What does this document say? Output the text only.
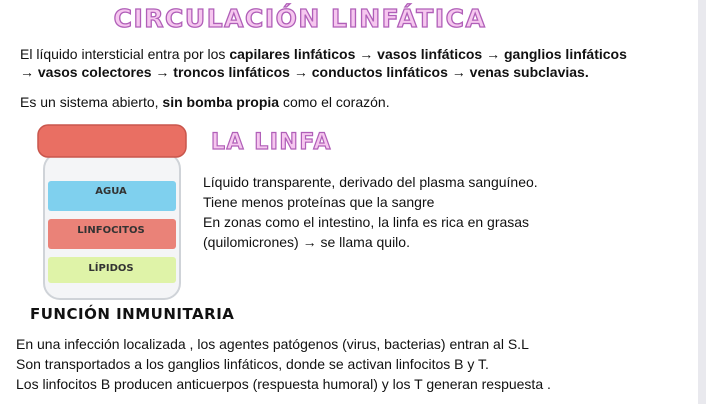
CIRCULACIÓN LINFÁTICA

El líquido intersticial entra por los capilares linfáticos → vasos linfáticos → ganglios linfáticos
→ vasos colectores → troncos linfáticos → conductos linfáticos → venas subclavias.

Es un sistema abierto, sin bomba propia como el corazón.

AGUA
LINFOCITOS
LÍPIDOS
LA LINFA
Líquido transparente, derivado del plasma sanguíneo.
Tiene menos proteínas que la sangre
En zonas como el intestino, la linfa es rica en grasas
(quilomicrones) → se llama quilo.
FUNCIÓN INMUNITARIA
En una infección localizada , los agentes patógenos (virus, bacterias) entran al S.L
Son transportados a los ganglios linfáticos, donde se activan linfocitos B y T.
Los linfocitos B producen anticuerpos (respuesta humoral) y los T generan respuesta .
